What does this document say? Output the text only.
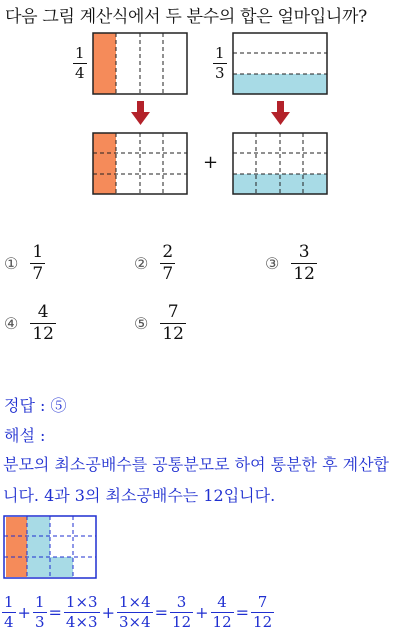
다음 그림 계산식에서 두 분수의 합은 얼마입니까?
1
4
1
3
+
① $\frac{1}{7}$	② $\frac{2}{7}$	③ $\frac{3}{12}$
④ $\frac{4}{12}$	⑤ $\frac{7}{12}$
정답 : ⑤
해설 :
분모의 최소공배수를 공통분모로 하여 통분한 후 계산합니다. 4과 3의 최소공배수는 12입니다.
$\frac{1}{4} + \frac{1}{3} = \frac{1\times 3}{4\times 3} + \frac{1\times 4}{3\times 4} = \frac{3}{12} + \frac{4}{12} = \frac{7}{12}$
